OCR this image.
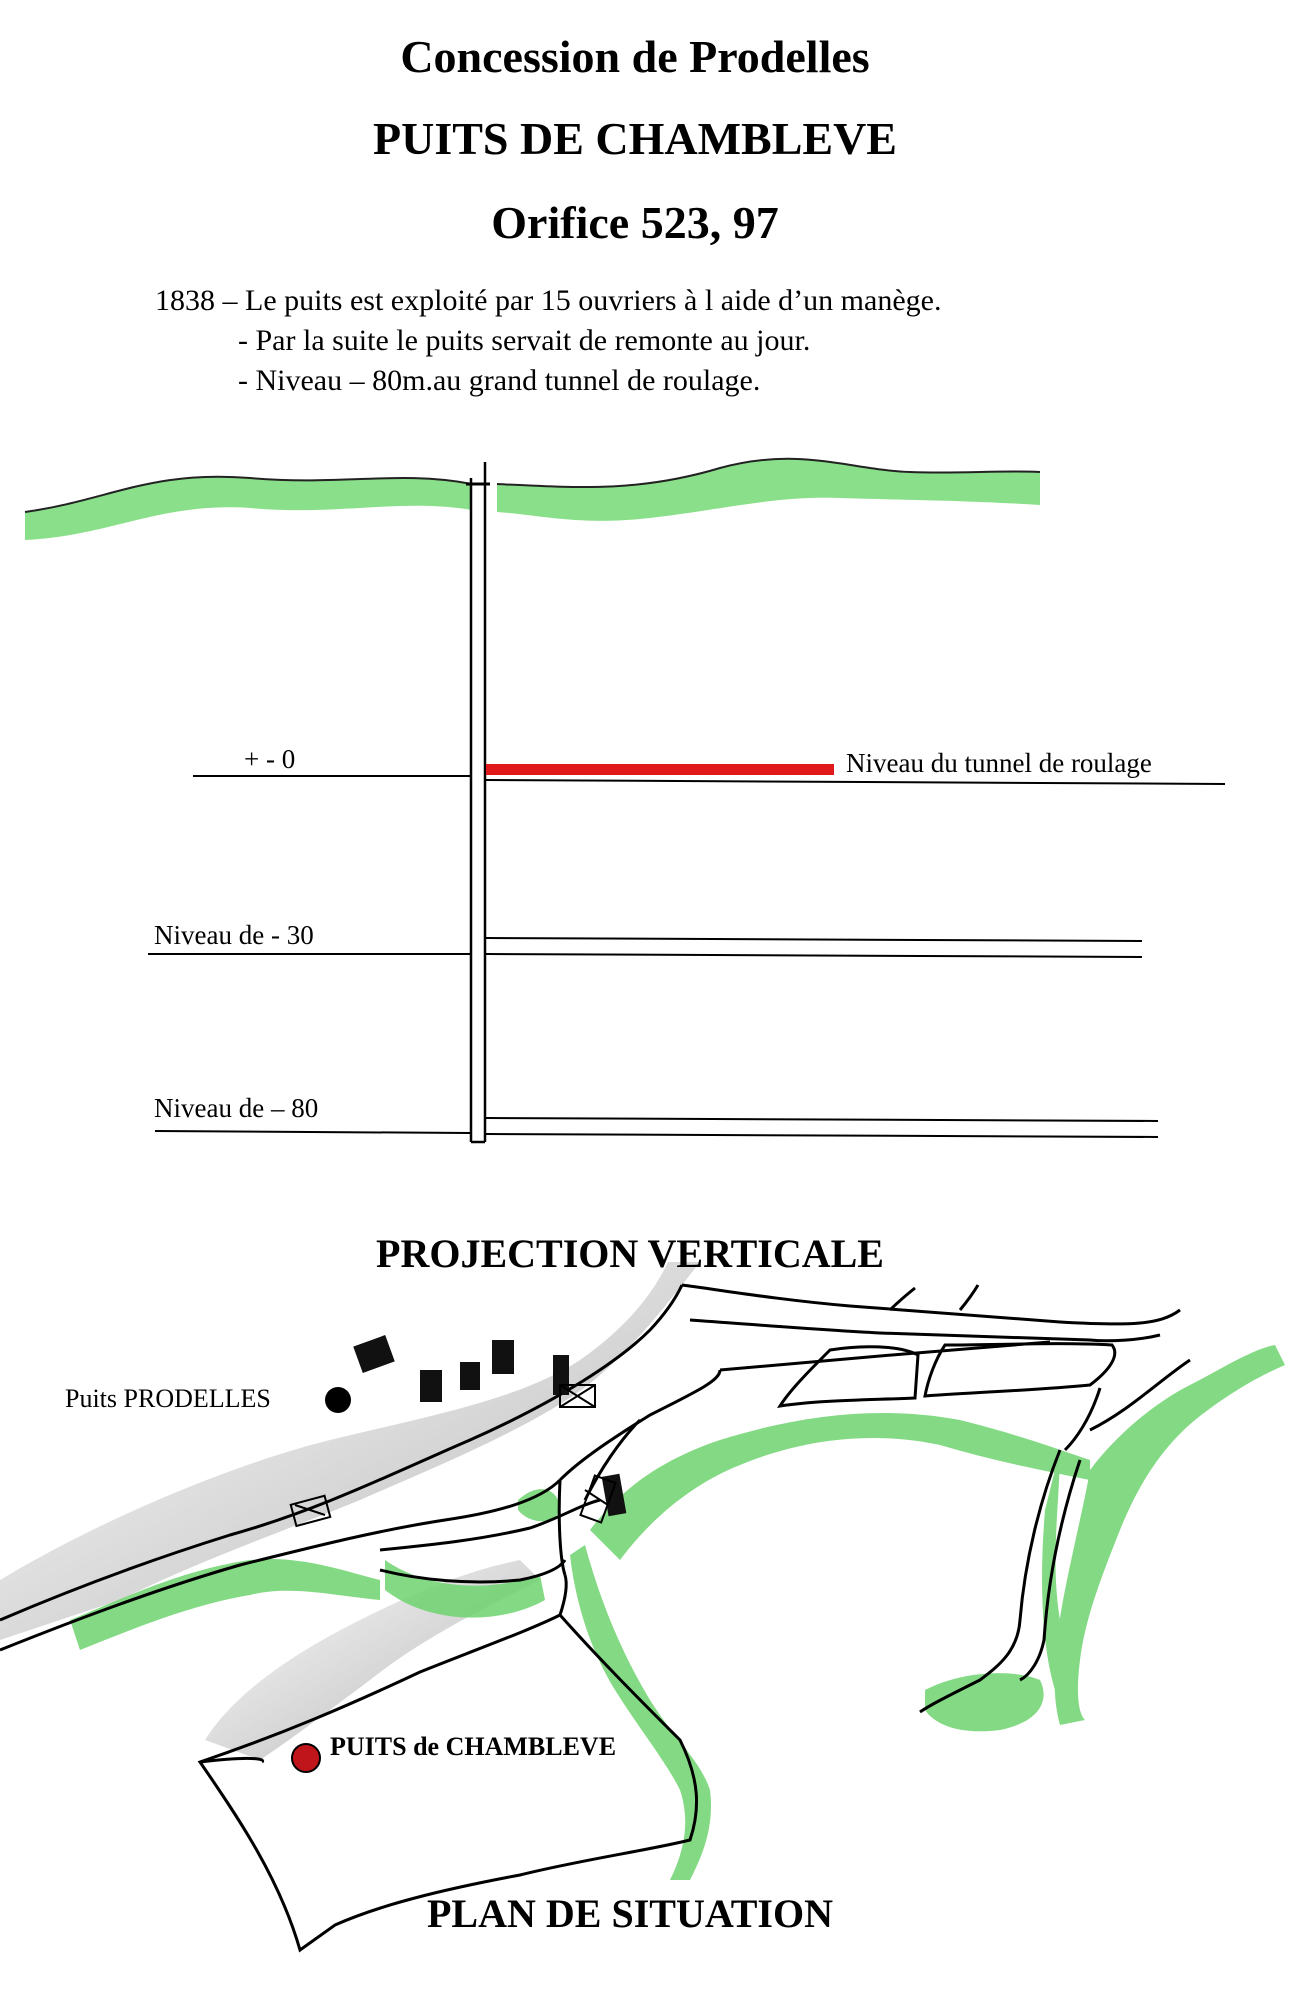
Concession de Prodelles
PUITS DE CHAMBLEVE
Orifice 523, 97
1838 – Le puits est exploité par 15 ouvriers à l aide d’un manège.
- Par la suite le puits servait de remonte au jour.
- Niveau – 80m.au grand tunnel de roulage.
+ - 0	Niveau du tunnel de roulage
Niveau de - 30
Niveau de – 80
PROJECTION VERTICALE
Puits PRODELLES
PUITS de CHAMBLEVE
PLAN DE SITUATION
